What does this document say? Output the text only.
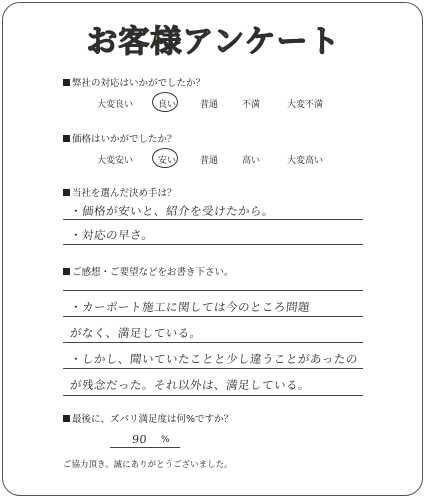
お客様アンケート
弊社の対応はいかがでしたか？
大変良い	良い	普通	不満	大変不満
価格はいかがでしたか？
大変安い	安い	普通	高い	大変高い
当社を選んだ決め手は？
・価格が安いと、紹介を受けたから。
・対応の早さ。
ご感想・ご要望などをお書き下さい。
・カーポート施工に関しては今のところ問題
がなく、満足している。
・しかし、聞いていたことと少し違うことがあったの
が残念だった。それ以外は、満足している。
最後に、ズバリ満足度は何%ですか？
90 %
ご協力頂き、誠にありがとうございました。
